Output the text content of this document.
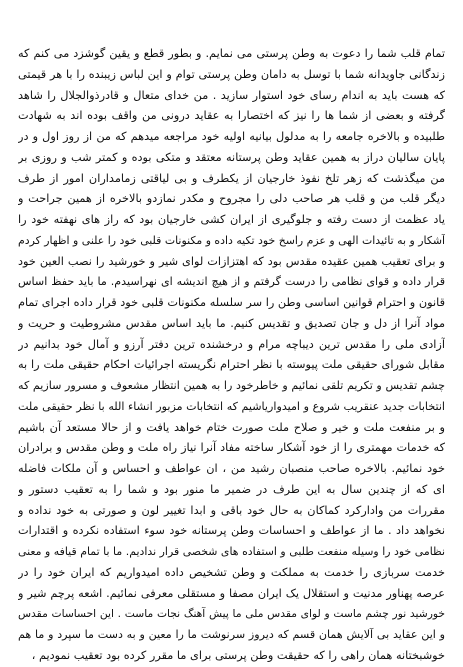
تمام قلب شما را دعوت به وطن پرستی می نمایم. و بطور قطع و یقین گوشزد می کنم که
زندگانی جاویدانه شما با توسل به دامان وطن پرستی توام و این لباس زیبنده را با هر قیمتی
که هست باید به اندام رسای خود استوار سازید . من خدای متعال و قادرذوالجلال را شاهد
گرفته و بعضی از شما ها را نیز که اختصارا به عقاید درونی من واقف بوده اند به شهادت
طلبیده و بالاخره جامعه را به مدلول بیانیه اولیه خود مراجعه میدهم که من از روز اول و در
پایان سالیان دراز به همین عقاید وطن پرستانه معتقد و متکی بوده و کمتر شب و روزی بر
من میگذشت که زهر تلخ نفوذ خارجیان از یکطرف و بی لیاقتی زمامداران امور از طرف
دیگر قلب من و قلب هر صاحب دلی را مجروح و مکدر نمازدو بالاخره از همین جراحت و
یاد عظمت از دست رفته و جلوگیری از ایران کشی خارجیان بود که راز های نهفته خود را
آشکار و به تائیدات الهی و عزم راسخ خود تکیه داده و مکنونات قلبی خود را علنی و اظهار کردم
و برای تعقیب همین عقیده مقدس بود که اهتزازات لوای شیر و خورشید را نصب العین خود
قرار داده و قوای نظامی را درست گرفتم و از هیچ اندیشه ای نهراسیدم. ما باید حفظ اساس
قانون و احترام قوانین اساسی وطن را سر سلسله مکنونات قلبی خود قرار داده اجرای تمام
مواد آنرا از دل و جان تصدیق و تقدیس کنیم. ما باید اساس مقدس مشروطیت و حریت و
آزادی ملی را مقدس ترین دیباچه مرام و درخشنده ترین دفتر آرزو و آمال خود بدانیم در
مقابل شورای حقیقی ملت پیوسته با نظر احترام نگریسته اجرائیات احکام حقیقی ملت را به
چشم تقدیس و تکریم تلقی نمائیم و خاطرخود را به همین انتظار مشعوف و مسرور سازیم که
انتخابات جدید عنقریب شروع و امیدواریاشیم که انتخابات مزبور انشاء الله با نظر حقیقی ملت
و بر منفعت ملت و خیر و صلاح ملت صورت ختام خواهد یافت و از حالا مستعد آن باشیم
که خدمات مهمتری را از خود آشکار ساخته مفاد آنرا نیاز راه ملت و وطن مقدس و برادران
خود نمائیم. بالاخره صاحب منصبان رشید من ، ان عواطف و احساس و آن ملکات فاضله
ای که از چندین سال به این طرف در ضمیر ما منور بود و شما را به تعقیب دستور و
مقررات من وادارکرد کماکان به حال خود باقی و ابدا تغییر لون و صورتی به خود نداده و
نخواهد داد . ما از عواطف و احساسات وطن پرستانه خود سوء استفاده نکرده و اقتدارات
نظامی خود را وسیله منفعت طلبی و استفاده های شخصی قرار ندادیم. ما با تمام قیافه و معنی
خدمت سربازی را خدمت به مملکت و وطن تشخیص داده امیدواریم که ایران خود را در
عرصه پهناور مدنیت و استقلال یک ایران مصفا و مستقلی معرفی نمائیم. اشعه پرچم شیر و
خورشید نور چشم ماست و لوای مقدس ملی ما پیش آهنگ نجات ماست . این احساسات مقدس
و این عقاید بی آلایش همان قسم که دیروز سرنوشت ما را معین و به دست ما سپرد و ما هم
خوشبختانه همان راهی را که حقیقت وطن پرستی برای ما مقرر کرده بود تعقیب نمودیم ،
